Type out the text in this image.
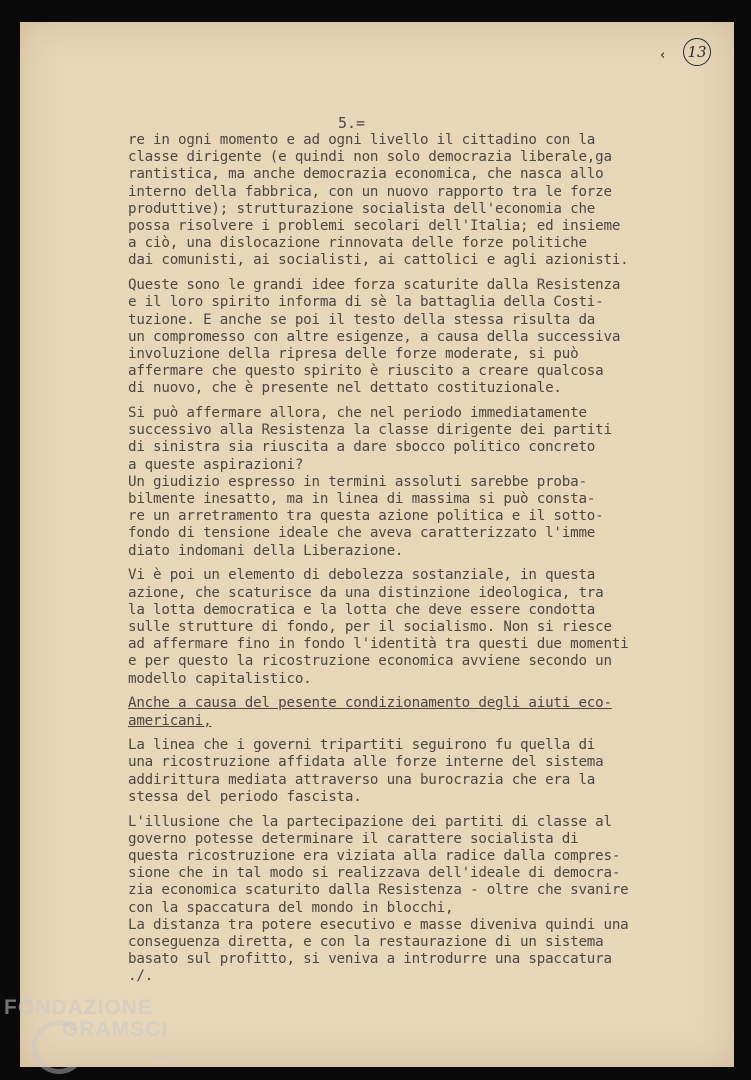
‹ 13
5.=
re in ogni momento e ad ogni livello il cittadino con la
classe dirigente (e quindi non solo democrazia liberale,ga
rantistica, ma anche democrazia economica, che nasca allo
interno della fabbrica, con un nuovo rapporto tra le forze
produttive); strutturazione socialista dell'economia che
possa risolvere i problemi secolari dell'Italia; ed insieme
a ciò, una dislocazione rinnovata delle forze politiche
dai comunisti, ai socialisti, ai cattolici e agli azionisti.
Queste sono le grandi idee forza scaturite dalla Resistenza
e il loro spirito informa di sè la battaglia della Costi-
tuzione. E anche se poi il testo della stessa risulta da
un compromesso con altre esigenze, a causa della successiva
involuzione della ripresa delle forze moderate, si può
affermare che questo spirito è riuscito a creare qualcosa
di nuovo, che è presente nel dettato costituzionale.
Si può affermare allora, che nel periodo immediatamente
successivo alla Resistenza la classe dirigente dei partiti
di sinistra sia riuscita a dare sbocco politico concreto
a queste aspirazioni?
Un giudizio espresso in termini assoluti sarebbe proba-
bilmente inesatto, ma in linea di massima si può consta-
re un arretramento tra questa azione politica e il sotto-
fondo di tensione ideale che aveva caratterizzato l'imme
diato indomani della Liberazione.
Vi è poi un elemento di debolezza sostanziale, in questa
azione, che scaturisce da una distinzione ideologica, tra
la lotta democratica e la lotta che deve essere condotta
sulle strutture di fondo, per il socialismo. Non si riesce
ad affermare fino in fondo l'identità tra questi due momenti
e per questo la ricostruzione economica avviene secondo un
modello capitalistico.
Anche a causa del pesente condizionamento degli aiuti eco-
americani,
La linea che i governi tripartiti seguirono fu quella di
una ricostruzione affidata alle forze interne del sistema
addirittura mediata attraverso una burocrazia che era la
stessa del periodo fascista.
L'illusione che la partecipazione dei partiti di classe al
governo potesse determinare il carattere socialista di
questa ricostruzione era viziata alla radice dalla compres-
sione che in tal modo si realizzava dell'ideale di democra-
zia economica scaturito dalla Resistenza - oltre che svanire
con la spaccatura del mondo in blocchi,
La distanza tra potere esecutivo e masse diveniva quindi una
conseguenza diretta, e con la restaurazione di un sistema
basato sul profitto, si veniva a introdurre una spaccatura
./.
FONDAZIONE
GRAMSCI
onlus
